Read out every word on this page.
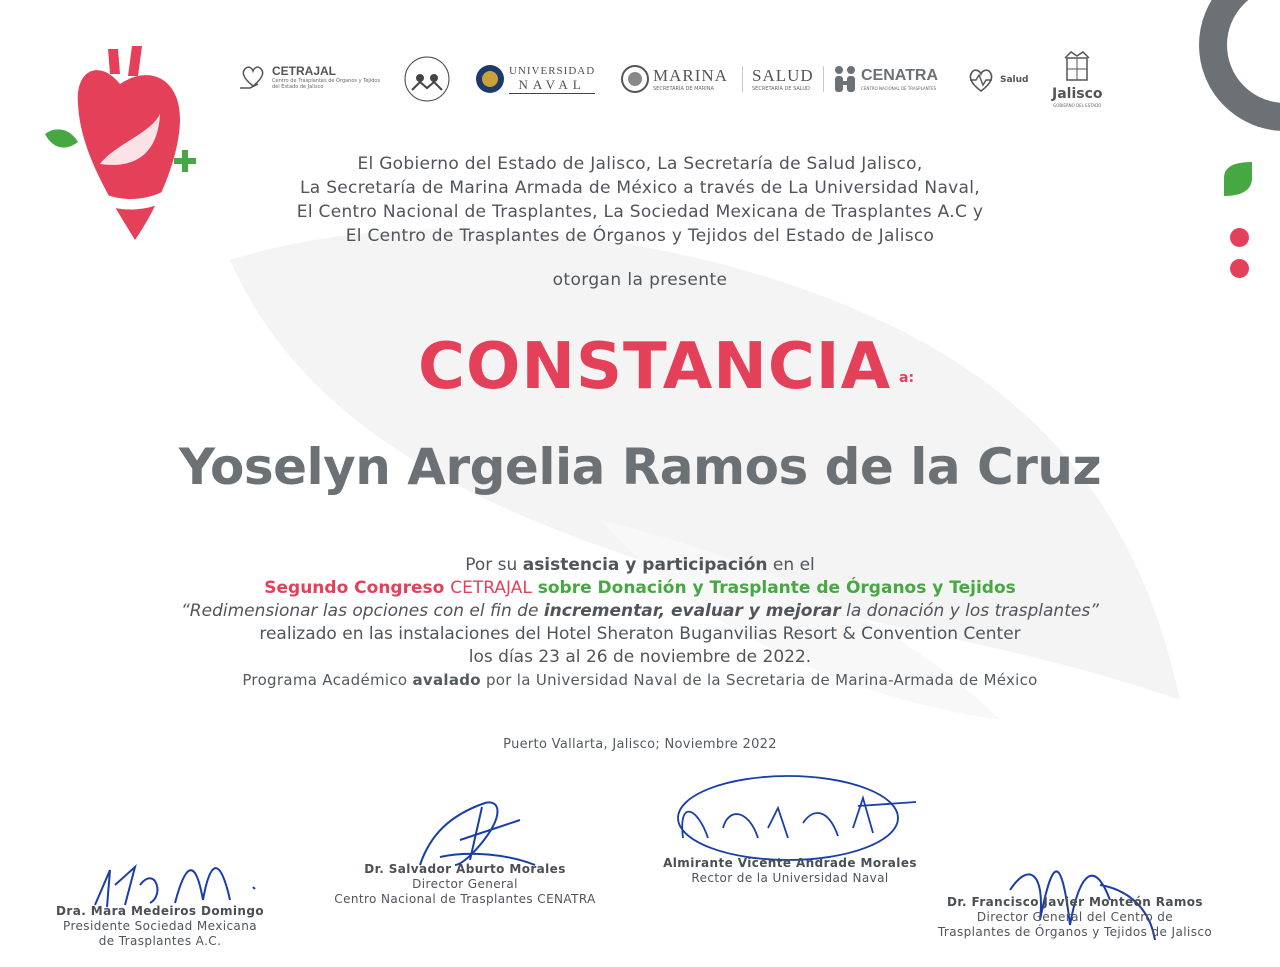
CETRAJAL
Centro de Trasplantes de Órganos y Tejidos del Estado de Jalisco
UNIVERSIDAD
NAVAL	MARINA
SECRETARÍA DE MARINA
SALUD
SECRETARÍA DE SALUD
CENATRA
CENTRO NACIONAL DE TRASPLANTES
Salud
Jalisco
GOBIERNO DEL ESTADO
El Gobierno del Estado de Jalisco, La Secretaría de Salud Jalisco,
La Secretaría de Marina Armada de México a través de La Universidad Naval,
El Centro Nacional de Trasplantes, La Sociedad Mexicana de Trasplantes A.C y
El Centro de Trasplantes de Órganos y Tejidos del Estado de Jalisco
otorgan la presente
CONSTANCIA a:
Yoselyn Argelia Ramos de la Cruz
Por su asistencia y participación en el
Segundo Congreso CETRAJAL sobre Donación y Trasplante de Órganos y Tejidos
“Redimensionar las opciones con el fin de incrementar, evaluar y mejorar la donación y los trasplantes”
realizado en las instalaciones del Hotel Sheraton Buganvilias Resort & Convention Center
los días 23 al 26 de noviembre de 2022.
Programa Académico avalado por la Universidad Naval de la Secretaria de Marina-Armada de México
Puerto Vallarta, Jalisco; Noviembre 2022
Dra. Mara Medeiros Domingo
Presidente Sociedad Mexicana
de Trasplantes A.C.
Dr. Salvador Aburto Morales
Director General
Centro Nacional de Trasplantes CENATRA
Almirante Vicente Andrade Morales
Rector de la Universidad Naval
Dr. Francisco Javier Monteón Ramos
Director General del Centro de
Trasplantes de Órganos y Tejidos de Jalisco
